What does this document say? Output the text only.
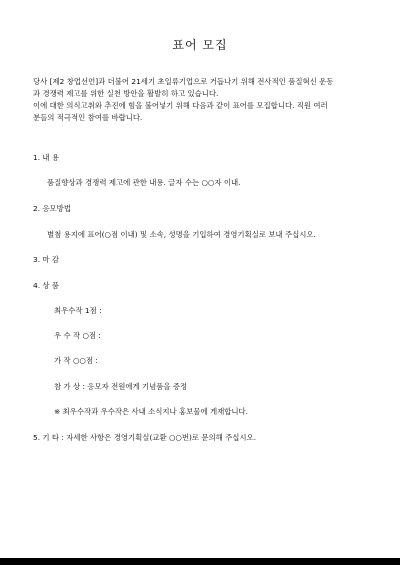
표어 모집

당사 [제2 창업선언]과 더불어 21세기 초일류기업으로 거듭나기 위해 전사적인 품질혁신 운동

과 경쟁력 제고를 위한 실천 방안을 활발히 하고 있습니다.

이에 대한 의식고취와 추진에 힘을 불어넣기 위해 다음과 같이 표어를 모집합니다. 직원 여러

분들의 적극적인 참여를 바랍니다.

1. 내 용
품질향상과 경쟁력 제고에 관한 내용. 글자 수는 ○○자 이내.
2. 응모방법
별첨 용지에 표어(○점 이내) 및 소속, 성명을 기입하여 경영기획실로 보내 주십시오.
3. 마 감
4. 상 품
최우수작 1점 :
우 수 작 ○점 :
가 작 ○○점 :
참 가 상 : 응모자 전원에게 기념품을 증정
※ 최우수작과 우수작은 사내 소식지나 홍보물에 게재합니다.
5. 기 타 : 자세한 사항은 경영기획실(교환 ○○번)로 문의해 주십시오.
